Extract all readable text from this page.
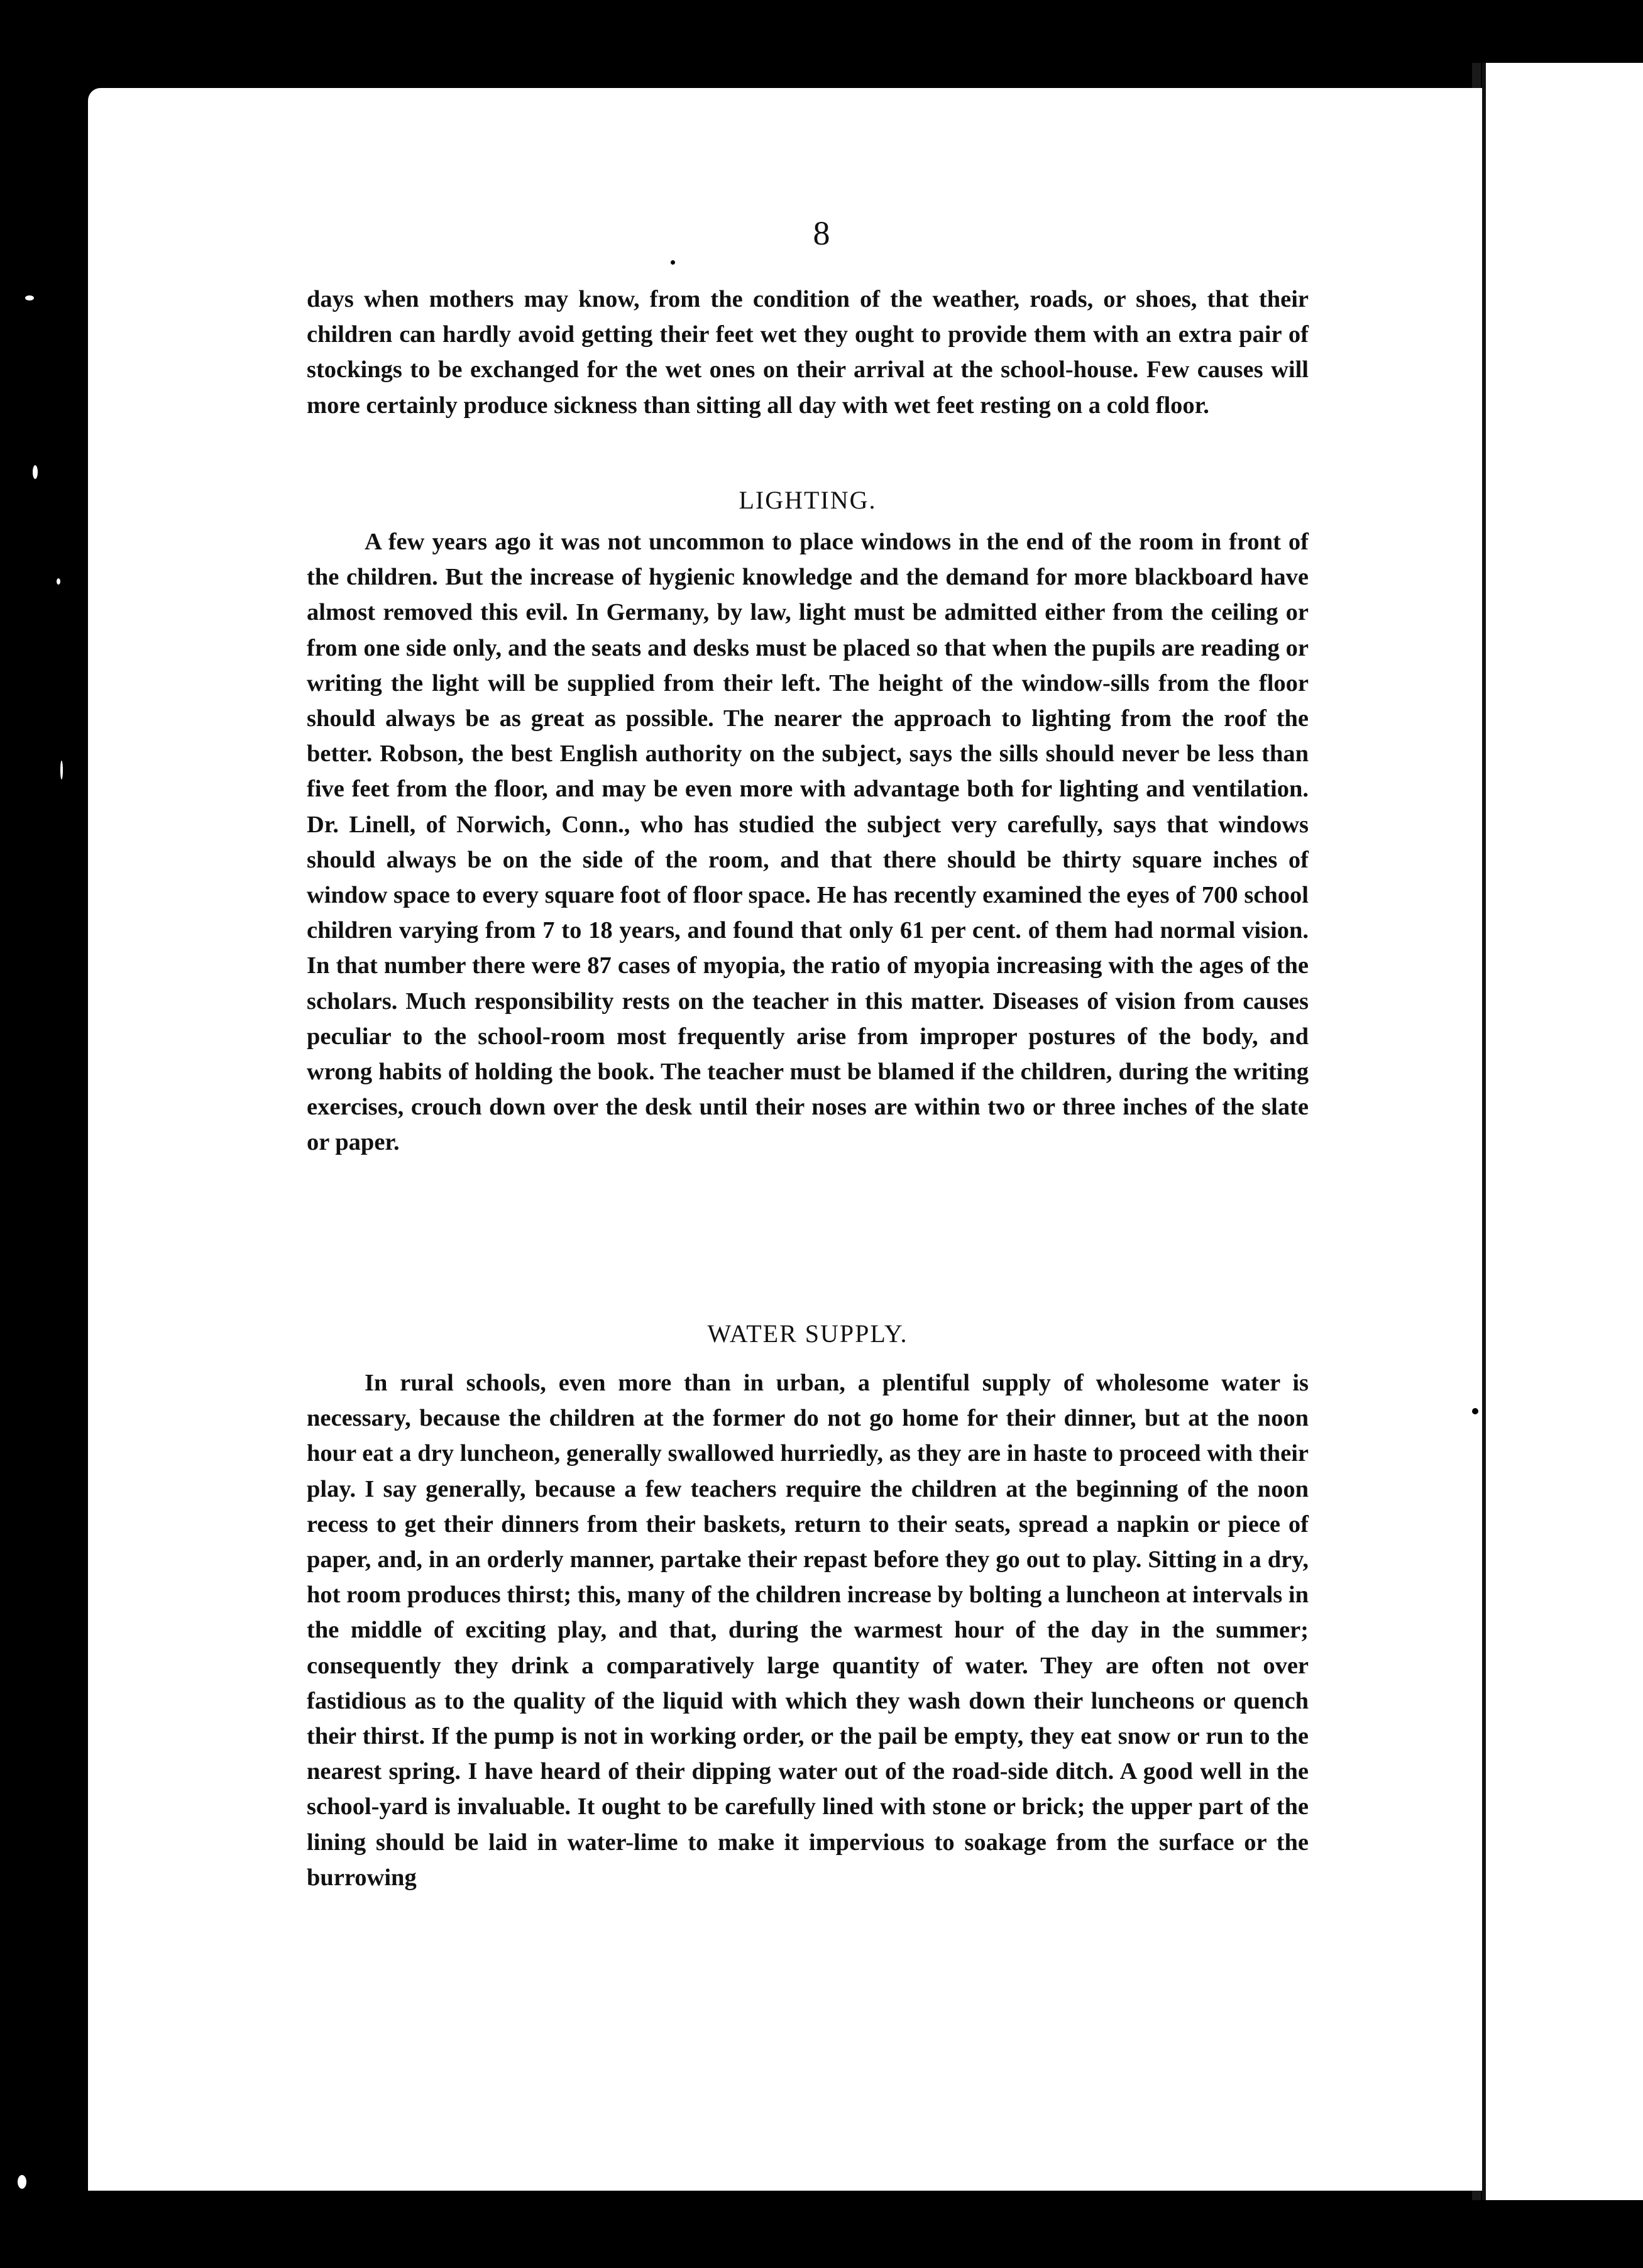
8

days when mothers may know, from the condition of the weather, roads, or shoes, that their children can hardly avoid getting their feet wet they ought to provide them with an extra pair of stockings to be exchanged for the wet ones on their arrival at the school-house. Few causes will more certainly produce sickness than sitting all day with wet feet resting on a cold floor.

LIGHTING.

A few years ago it was not uncommon to place windows in the end of the room in front of the children. But the increase of hygienic knowledge and the demand for more blackboard have almost removed this evil. In Germany, by law, light must be admitted either from the ceiling or from one side only, and the seats and desks must be placed so that when the pupils are reading or writing the light will be supplied from their left. The height of the window-sills from the floor should always be as great as possible. The nearer the approach to lighting from the roof the better. Robson, the best English authority on the subject, says the sills should never be less than five feet from the floor, and may be even more with advantage both for lighting and ventilation. Dr. Linell, of Norwich, Conn., who has studied the subject very carefully, says that windows should always be on the side of the room, and that there should be thirty square inches of window space to every square foot of floor space. He has recently examined the eyes of 700 school children varying from 7 to 18 years, and found that only 61 per cent. of them had normal vision. In that number there were 87 cases of myopia, the ratio of myopia increasing with the ages of the scholars. Much responsibility rests on the teacher in this matter. Diseases of vision from causes peculiar to the school-room most frequently arise from improper postures of the body, and wrong habits of holding the book. The teacher must be blamed if the children, during the writing exercises, crouch down over the desk until their noses are within two or three inches of the slate or paper.

WATER SUPPLY.

In rural schools, even more than in urban, a plentiful supply of wholesome water is necessary, because the children at the former do not go home for their dinner, but at the noon hour eat a dry luncheon, generally swallowed hurriedly, as they are in haste to proceed with their play. I say generally, because a few teachers require the children at the beginning of the noon recess to get their dinners from their baskets, return to their seats, spread a napkin or piece of paper, and, in an orderly manner, partake their repast before they go out to play. Sitting in a dry, hot room produces thirst; this, many of the children increase by bolting a luncheon at intervals in the middle of exciting play, and that, during the warmest hour of the day in the summer; consequently they drink a comparatively large quantity of water. They are often not over fastidious as to the quality of the liquid with which they wash down their luncheons or quench their thirst. If the pump is not in working order, or the pail be empty, they eat snow or run to the nearest spring. I have heard of their dipping water out of the road-side ditch. A good well in the school-yard is invaluable. It ought to be carefully lined with stone or brick; the upper part of the lining should be laid in water-lime to make it impervious to soakage from the surface or the burrowing
